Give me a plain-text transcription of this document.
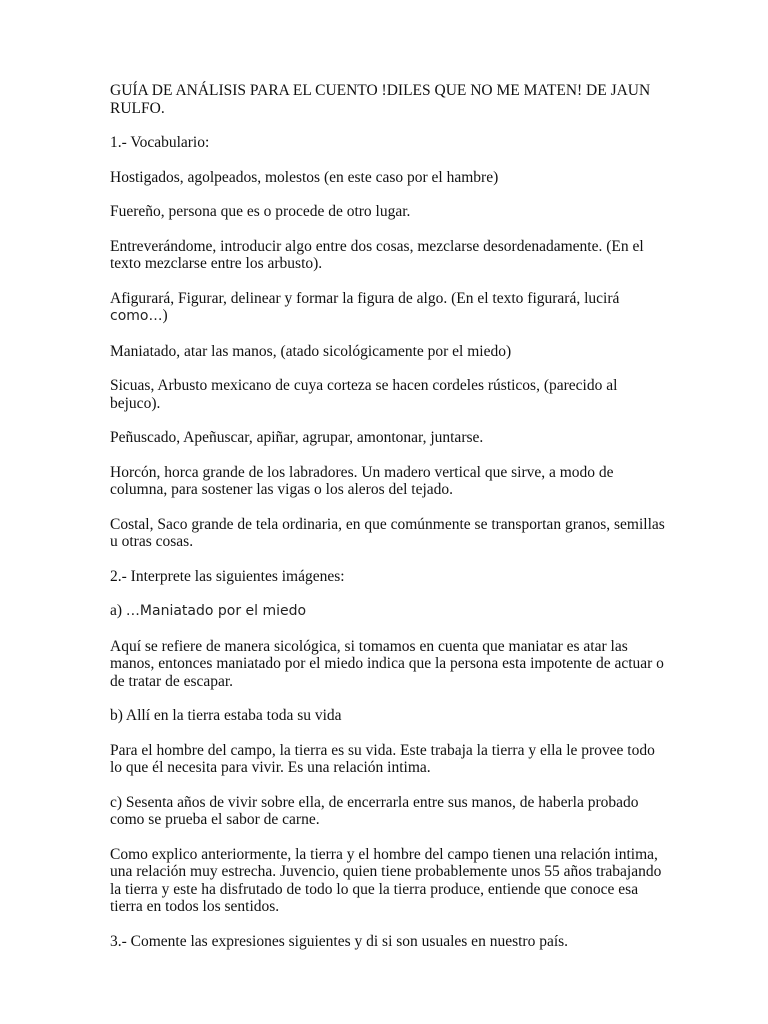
GUÍA DE ANÁLISIS PARA EL CUENTO !DILES QUE NO ME MATEN! DE JAUN RULFO.

1.- Vocabulario:

Hostigados, agolpeados, molestos (en este caso por el hambre)

Fuereño, persona que es o procede de otro lugar.

Entreverándome, introducir algo entre dos cosas, mezclarse desordenadamente. (En el texto mezclarse entre los arbusto).

Afigurará, Figurar, delinear y formar la figura de algo. (En el texto figurará, lucirá
como…)

Maniatado, atar las manos, (atado sicológicamente por el miedo)

Sicuas, Arbusto mexicano de cuya corteza se hacen cordeles rústicos, (parecido al bejuco).

Peñuscado, Apeñuscar, apiñar, agrupar, amontonar, juntarse.

Horcón, horca grande de los labradores. Un madero vertical que sirve, a modo de columna, para sostener las vigas o los aleros del tejado.

Costal, Saco grande de tela ordinaria, en que comúnmente se transportan granos, semillas u otras cosas.

2.- Interprete las siguientes imágenes:

a) …Maniatado por el miedo

Aquí se refiere de manera sicológica, si tomamos en cuenta que maniatar es atar las manos, entonces maniatado por el miedo indica que la persona esta impotente de actuar o de tratar de escapar.

b) Allí en la tierra estaba toda su vida

Para el hombre del campo, la tierra es su vida. Este trabaja la tierra y ella le provee todo lo que él necesita para vivir. Es una relación intima.

c) Sesenta años de vivir sobre ella, de encerrarla entre sus manos, de haberla probado como se prueba el sabor de carne.

Como explico anteriormente, la tierra y el hombre del campo tienen una relación intima, una relación muy estrecha. Juvencio, quien tiene probablemente unos 55 años trabajando la tierra y este ha disfrutado de todo lo que la tierra produce, entiende que conoce esa tierra en todos los sentidos.

3.- Comente las expresiones siguientes y di si son usuales en nuestro país.
